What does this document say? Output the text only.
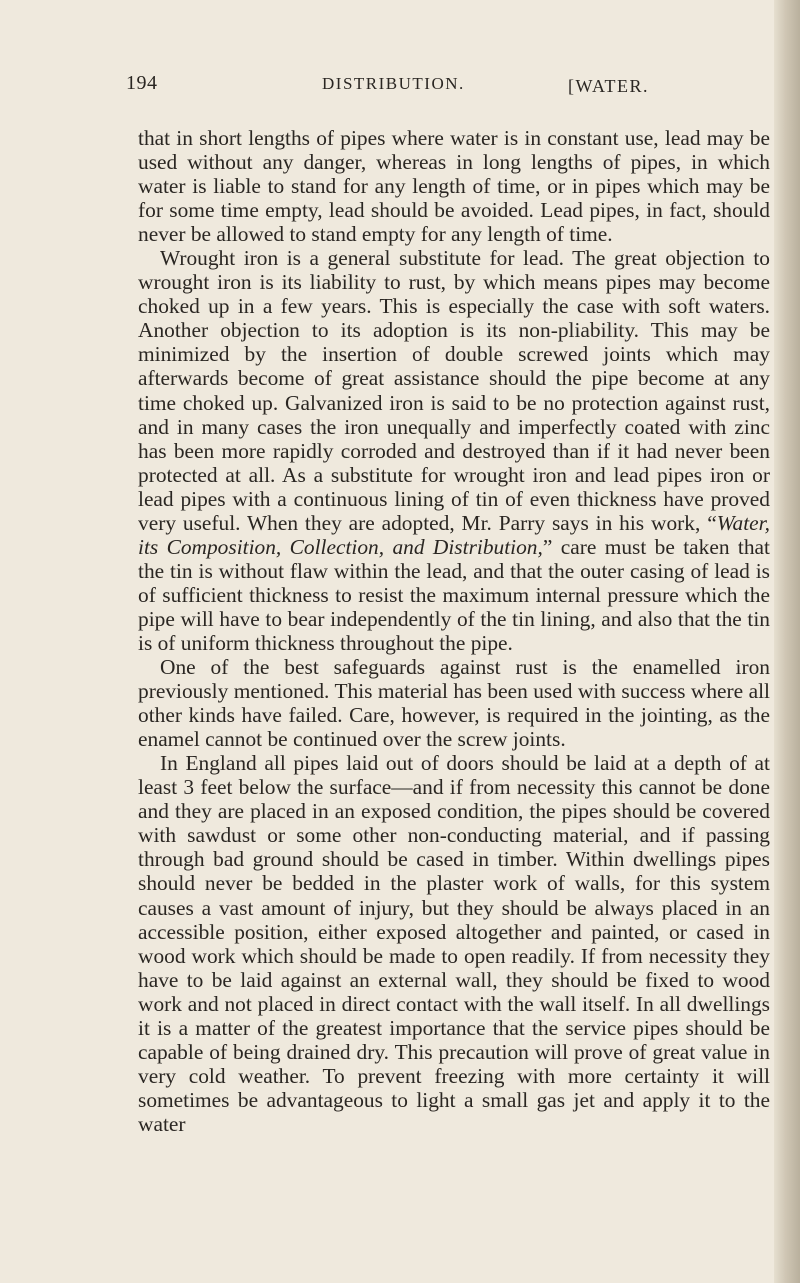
194	DISTRIBUTION.	[WATER.

that in short lengths of pipes where water is in constant use, lead may be used without any danger, whereas in long lengths of pipes, in which water is liable to stand for any length of time, or in pipes which may be for some time empty, lead should be avoided. Lead pipes, in fact, should never be allowed to stand empty for any length of time.

Wrought iron is a general substitute for lead. The great objection to wrought iron is its liability to rust, by which means pipes may become choked up in a few years. This is especially the case with soft waters. Another objection to its adoption is its non-pliability. This may be minimized by the insertion of double screwed joints which may afterwards become of great assistance should the pipe become at any time choked up. Galvanized iron is said to be no protection against rust, and in many cases the iron unequally and imperfectly coated with zinc has been more rapidly corroded and destroyed than if it had never been protected at all. As a substitute for wrought iron and lead pipes iron or lead pipes with a continuous lining of tin of even thickness have proved very useful. When they are adopted, Mr. Parry says in his work, “Water, its Composition, Collection, and Distribution,” care must be taken that the tin is without flaw within the lead, and that the outer casing of lead is of sufficient thickness to resist the maximum internal pressure which the pipe will have to bear independently of the tin lining, and also that the tin is of uniform thickness throughout the pipe.

One of the best safeguards against rust is the enamelled iron previously mentioned. This material has been used with success where all other kinds have failed. Care, however, is required in the jointing, as the enamel cannot be continued over the screw joints.

In England all pipes laid out of doors should be laid at a depth of at least 3 feet below the surface—and if from necessity this cannot be done and they are placed in an exposed condition, the pipes should be covered with sawdust or some other non-conducting material, and if passing through bad ground should be cased in timber. Within dwellings pipes should never be bedded in the plaster work of walls, for this system causes a vast amount of injury, but they should be always placed in an accessible position, either exposed altogether and painted, or cased in wood work which should be made to open readily. If from necessity they have to be laid against an external wall, they should be fixed to wood work and not placed in direct contact with the wall itself. In all dwellings it is a matter of the greatest importance that the service pipes should be capable of being drained dry. This precaution will prove of great value in very cold weather. To prevent freezing with more certainty it will sometimes be advantageous to light a small gas jet and apply it to the water
